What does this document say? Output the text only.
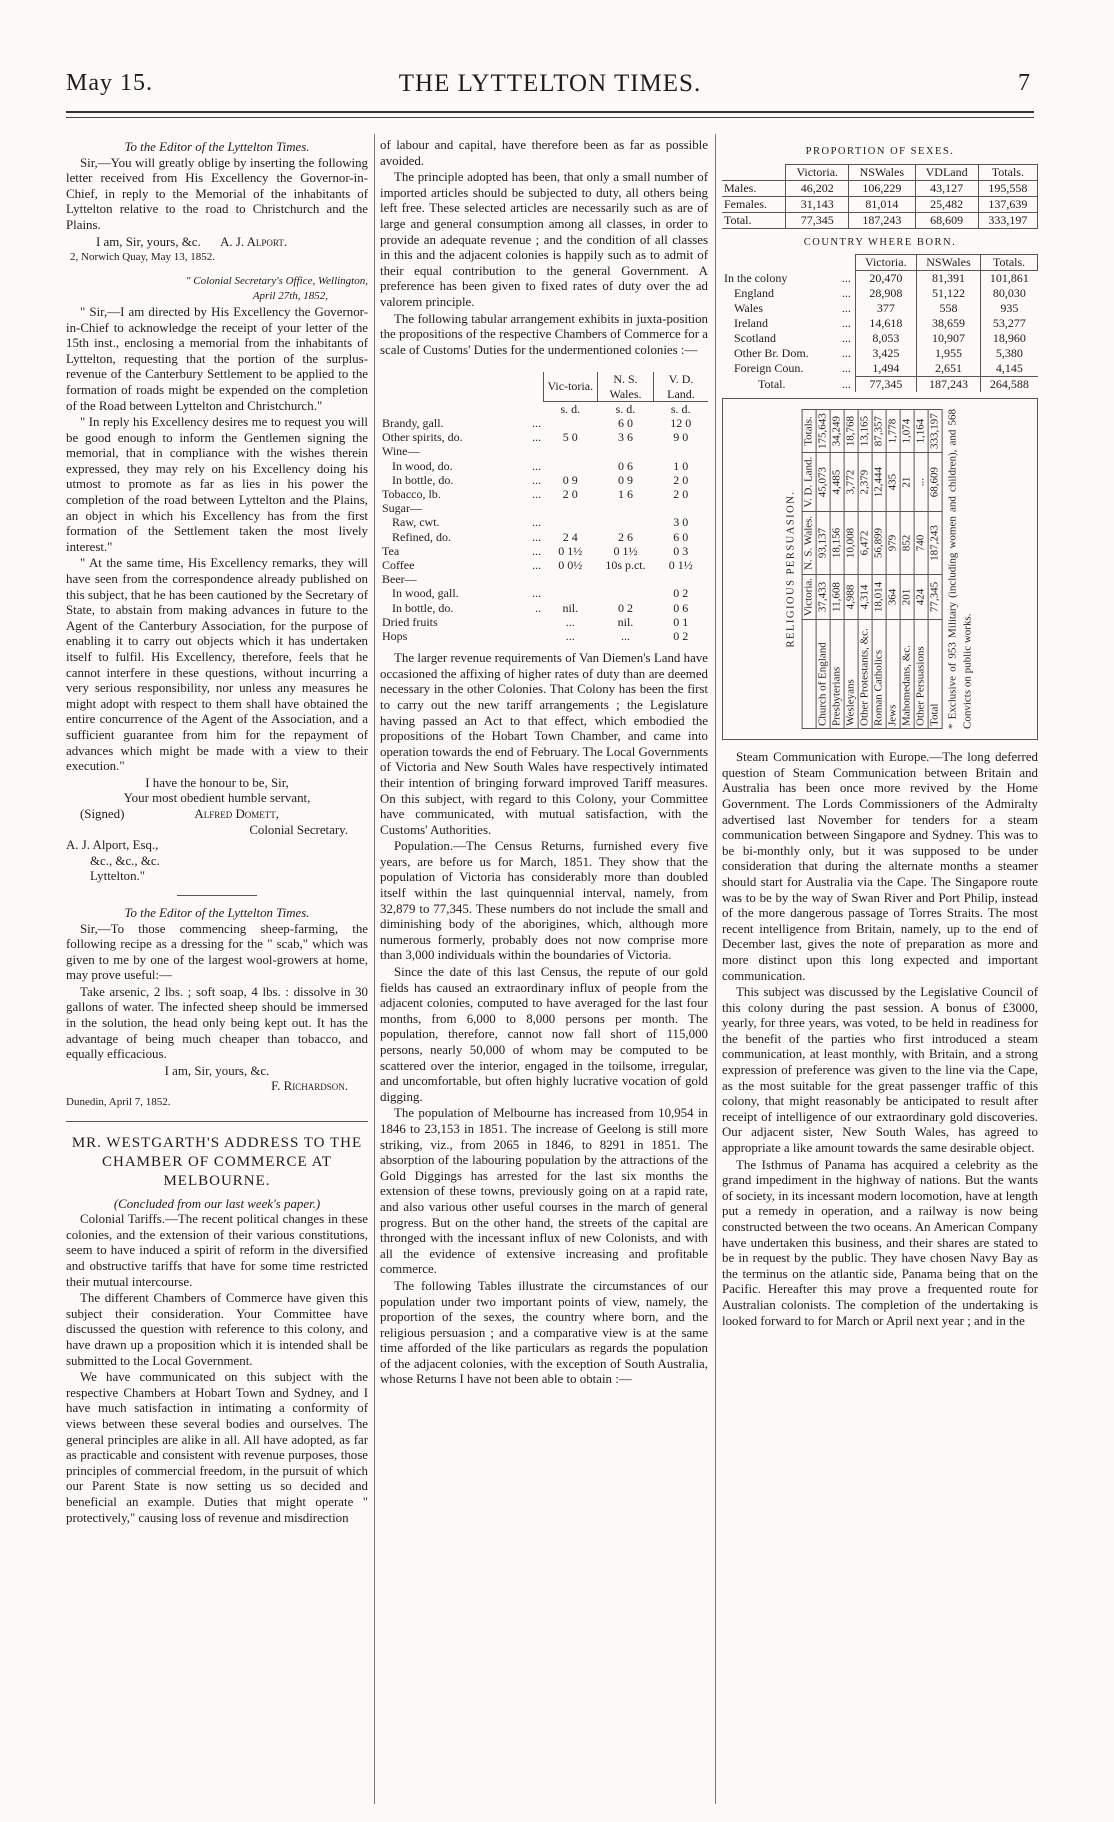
THE LYTTELTON TIMES.
May 15.	7
To the Editor of the Lyttelton Times.

Sir,—You will greatly oblige by inserting the following letter received from His Excellency the Governor-in-Chief, in reply to the Memorial of the inhabitants of Lyttelton relative to the road to Christchurch and the Plains.

I am, Sir, yours, &c. A. J. Alport.
2, Norwich Quay, May 13, 1852.
" Colonial Secretary's Office, Wellington,
April 27th, 1852,

" Sir,—I am directed by His Excellency the Governor-in-Chief to acknowledge the receipt of your letter of the 15th inst., enclosing a memorial from the inhabitants of Lyttelton, requesting that the portion of the surplus-revenue of the Canterbury Settlement to be applied to the formation of roads might be expended on the completion of the Road between Lyttelton and Christchurch."

" In reply his Excellency desires me to request you will be good enough to inform the Gentlemen signing the memorial, that in compliance with the wishes therein expressed, they may rely on his Excellency doing his utmost to promote as far as lies in his power the completion of the road between Lyttelton and the Plains, an object in which his Excellency has from the first formation of the Settlement taken the most lively interest."

" At the same time, His Excellency remarks, they will have seen from the correspondence already published on this subject, that he has been cautioned by the Secretary of State, to abstain from making advances in future to the Agent of the Canterbury Association, for the purpose of enabling it to carry out objects which it has undertaken itself to fulfil. His Excellency, therefore, feels that he cannot interfere in these questions, without incurring a very serious responsibility, nor unless any measures he might adopt with respect to them shall have obtained the entire concurrence of the Agent of the Association, and a sufficient guarantee from him for the repayment of advances which might be made with a view to their execution."

I have the honour to be, Sir,
Your most obedient humble servant,
(Signed)	Alfred Domett,
Colonial Secretary.
A. J. Alport, Esq.,
&c., &c., &c.
Lyttelton."
To the Editor of the Lyttelton Times.

Sir,—To those commencing sheep-farming, the following recipe as a dressing for the " scab," which was given to me by one of the largest wool-growers at home, may prove useful:—

Take arsenic, 2 lbs. ; soft soap, 4 lbs. : dissolve in 30 gallons of water. The infected sheep should be immersed in the solution, the head only being kept out. It has the advantage of being much cheaper than tobacco, and equally efficacious.

I am, Sir, yours, &c.
F. Richardson.
Dunedin, April 7, 1852.
MR. WESTGARTH'S ADDRESS TO THE CHAMBER OF COMMERCE AT MELBOURNE.
(Concluded from our last week's paper.)

Colonial Tariffs.—The recent political changes in these colonies, and the extension of their various constitutions, seem to have induced a spirit of reform in the diversified and obstructive tariffs that have for some time restricted their mutual intercourse.

The different Chambers of Commerce have given this subject their consideration. Your Committee have discussed the question with reference to this colony, and have drawn up a proposition which it is intended shall be submitted to the Local Government.

We have communicated on this subject with the respective Chambers at Hobart Town and Sydney, and I have much satisfaction in intimating a conformity of views between these several bodies and ourselves. The general principles are alike in all. All have adopted, as far as practicable and consistent with revenue purposes, those principles of commercial freedom, in the pursuit of which our Parent State is now setting us so decided and beneficial an example. Duties that might operate " protectively," causing loss of revenue and misdirection

of labour and capital, have therefore been as far as possible avoided.

The principle adopted has been, that only a small number of imported articles should be subjected to duty, all others being left free. These selected articles are necessarily such as are of large and general consumption among all classes, in order to provide an adequate revenue ; and the condition of all classes in this and the adjacent colonies is happily such as to admit of their equal contribution to the general Government. A preference has been given to fixed rates of duty over the ad valorem principle.

The following tabular arrangement exhibits in juxta-position the propositions of the respective Chambers of Commerce for a scale of Customs' Duties for the undermentioned colonies :—

		Vic-toria.	N. S. Wales.	V. D. Land.
		s. d.	s. d.	s. d.
Brandy, gall.	...		6 0	12 0
Other spirits, do.	...	5 0	3 6	9 0
Wine—				
In wood, do.	...		0 6	1 0
In bottle, do.	...	0 9	0 9	2 0
Tobacco, lb.	...	2 0	1 6	2 0
Sugar—				
Raw, cwt.	...			3 0
Refined, do.	...	2 4	2 6	6 0
Tea	...	0 1½	0 1½	0 3
Coffee	...	0 0½	10s p.ct.	0 1½
Beer—				
In wood, gall.	...			0 2
In bottle, do.	..	nil.	0 2	0 6
Dried fruits		...	nil.	0 1
Hops		...	...	0 2

The larger revenue requirements of Van Diemen's Land have occasioned the affixing of higher rates of duty than are deemed necessary in the other Colonies. That Colony has been the first to carry out the new tariff arrangements ; the Legislature having passed an Act to that effect, which embodied the propositions of the Hobart Town Chamber, and came into operation towards the end of February. The Local Governments of Victoria and New South Wales have respectively intimated their intention of bringing forward improved Tariff measures. On this subject, with regard to this Colony, your Committee have communicated, with mutual satisfaction, with the Customs' Authorities.

Population.—The Census Returns, furnished every five years, are before us for March, 1851. They show that the population of Victoria has considerably more than doubled itself within the last quinquennial interval, namely, from 32,879 to 77,345. These numbers do not include the small and diminishing body of the aborigines, which, although more numerous formerly, probably does not now comprise more than 3,000 individuals within the boundaries of Victoria.

Since the date of this last Census, the repute of our gold fields has caused an extraordinary influx of people from the adjacent colonies, computed to have averaged for the last four months, from 6,000 to 8,000 persons per month. The population, therefore, cannot now fall short of 115,000 persons, nearly 50,000 of whom may be computed to be scattered over the interior, engaged in the toilsome, irregular, and uncomfortable, but often highly lucrative vocation of gold digging.

The population of Melbourne has increased from 10,954 in 1846 to 23,153 in 1851. The increase of Geelong is still more striking, viz., from 2065 in 1846, to 8291 in 1851. The absorption of the labouring population by the attractions of the Gold Diggings has arrested for the last six months the extension of these towns, previously going on at a rapid rate, and also various other useful courses in the march of general progress. But on the other hand, the streets of the capital are thronged with the incessant influx of new Colonists, and with all the evidence of extensive increasing and profitable commerce.

The following Tables illustrate the circumstances of our population under two important points of view, namely, the proportion of the sexes, the country where born, and the religious persuasion ; and a comparative view is at the same time afforded of the like particulars as regards the population of the adjacent colonies, with the exception of South Australia, whose Returns I have not been able to obtain :—

PROPORTION OF SEXES.
	Victoria.	NSWales	VDLand	Totals.
Males.	46,202	106,229	43,127	195,558
Females.	31,143	81,014	25,482	137,639
Total.	77,345	187,243	68,609	333,197
COUNTRY WHERE BORN.
		Victoria.	NSWales	Totals.
In the colony	...	20,470	81,391	101,861
England	...	28,908	51,122	80,030
Wales	...	377	558	935
Ireland	...	14,618	38,659	53,277
Scotland	...	8,053	10,907	18,960
Other Br. Dom.	...	3,425	1,955	5,380
Foreign Coun.	...	1,494	2,651	4,145
Total.	...	77,345	187,243	264,588
RELIGIOUS PERSUASION.
	Victoria.	N. S. Wales.	V. D. Land.	Totals.
Church of England	37,433	93,137	45,073	175,643
Presbyterians	11,608	18,156	4,485	34,249
Wesleyans	4,988	10,008	3,772	18,768
Other Protestants, &c.	4,314	6,472	2,379	13,165
Roman Catholics	18,014	56,899	12,444	87,357
Jews	364	979	435	1,778
Mahomedans, &c.	201	852	21	1,074
Other Persuasions	424	740	...	1,164
Total	77,345	187,243	68,609	333,197 * Exclusive of 953 Military (including women and children), and 568 Convicts on public works.

Steam Communication with Europe.—The long deferred question of Steam Communication between Britain and Australia has been once more revived by the Home Government. The Lords Commissioners of the Admiralty advertised last November for tenders for a steam communication between Singapore and Sydney. This was to be bi-monthly only, but it was supposed to be under consideration that during the alternate months a steamer should start for Australia via the Cape. The Singapore route was to be by the way of Swan River and Port Philip, instead of the more dangerous passage of Torres Straits. The most recent intelligence from Britain, namely, up to the end of December last, gives the note of preparation as more and more distinct upon this long expected and important communication.

This subject was discussed by the Legislative Council of this colony during the past session. A bonus of £3000, yearly, for three years, was voted, to be held in readiness for the benefit of the parties who first introduced a steam communication, at least monthly, with Britain, and a strong expression of preference was given to the line via the Cape, as the most suitable for the great passenger traffic of this colony, that might reasonably be anticipated to result after receipt of intelligence of our extraordinary gold discoveries. Our adjacent sister, New South Wales, has agreed to appropriate a like amount towards the same desirable object.

The Isthmus of Panama has acquired a celebrity as the grand impediment in the highway of nations. But the wants of society, in its incessant modern locomotion, have at length put a remedy in operation, and a railway is now being constructed between the two oceans. An American Company have undertaken this business, and their shares are stated to be in request by the public. They have chosen Navy Bay as the terminus on the atlantic side, Panama being that on the Pacific. Hereafter this may prove a frequented route for Australian colonists. The completion of the undertaking is looked forward to for March or April next year ; and in the
